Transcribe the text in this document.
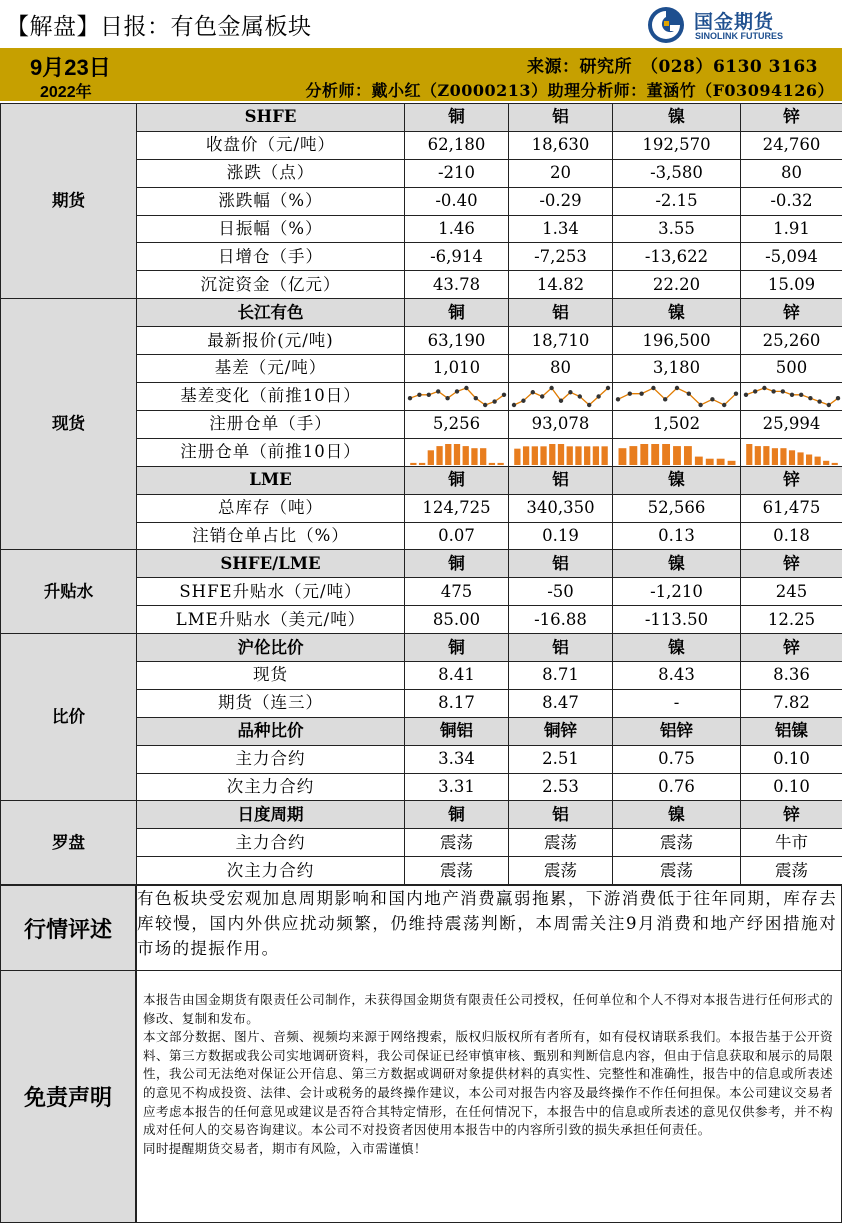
【解盘】日报：有色金属板块	国金期货
SINOLINK FUTURES
9月23日
2022年
来源：研究所　（028）6130 3163
分析师：戴小红（Z0000213）助理分析师：董涵竹（F03094126）
期货	SHFE	铜	铝	镍	锌
	收盘价（元/吨）	62,180	18,630	192,570	24,760
	涨跌（点）	-210	20	-3,580	80
	涨跌幅（%）	-0.40	-0.29	-2.15	-0.32
	日振幅（%）	1.46	1.34	3.55	1.91
	日增仓（手）	-6,914	-7,253	-13,622	-5,094
	沉淀资金（亿元）	43.78	14.82	22.20	15.09
现货	长江有色	铜	铝	镍	锌
	最新报价(元/吨)	63,190	18,710	196,500	25,260
	基差（元/吨）	1,010	80	3,180	500
	基差变化（前推10日）	

	注册仓单（手）	5,256	93,078	1,502	25,994
	注册仓单（前推10日）	

	LME	铜	铝	镍	锌
	总库存（吨）	124,725	340,350	52,566	61,475
	注销仓单占比（%）	0.07	0.19	0.13	0.18
升贴水	SHFE/LME	铜	铝	镍	锌
	SHFE升贴水（元/吨）	475	-50	-1,210	245
	LME升贴水（美元/吨）	85.00	-16.88	-113.50	12.25
比价	沪伦比价	铜	铝	镍	锌
	现货	8.41	8.71	8.43	8.36
	期货（连三）	8.17	8.47	-	7.82
	品种比价	铜铝	铜锌	铝锌	铝镍
	主力合约	3.34	2.51	0.75	0.10
	次主力合约	3.31	2.53	0.76	0.10
罗盘	日度周期	铜	铝	镍	锌
	主力合约	震荡	震荡	震荡	牛市
	次主力合约	震荡	震荡	震荡	震荡
行情评述
有色板块受宏观加息周期影响和国内地产消费羸弱拖累，下游消费低于往年同期，库存去库较慢，国内外供应扰动频繁，仍维持震荡判断，本周需关注9月消费和地产纾困措施对市场的提振作用。
免责声明

本报告由国金期货有限责任公司制作，未获得国金期货有限责任公司授权，任何单位和个人不得对本报告进行任何形式的修改、复制和发布。

本文部分数据、图片、音频、视频均来源于网络搜索，版权归版权所有者所有，如有侵权请联系我们。本报告基于公开资料、第三方数据或我公司实地调研资料，我公司保证已经审慎审核、甄别和判断信息内容，但由于信息获取和展示的局限性，我公司无法绝对保证公开信息、第三方数据或调研对象提供材料的真实性、完整性和准确性，报告中的信息或所表述的意见不构成投资、法律、会计或税务的最终操作建议，本公司对报告内容及最终操作不作任何担保。本公司建议交易者应考虑本报告的任何意见或建议是否符合其特定情形，在任何情况下，本报告中的信息或所表述的意见仅供参考，并不构成对任何人的交易咨询建议。本公司不对投资者因使用本报告中的内容所引致的损失承担任何责任。

同时提醒期货交易者，期市有风险，入市需谨慎！
